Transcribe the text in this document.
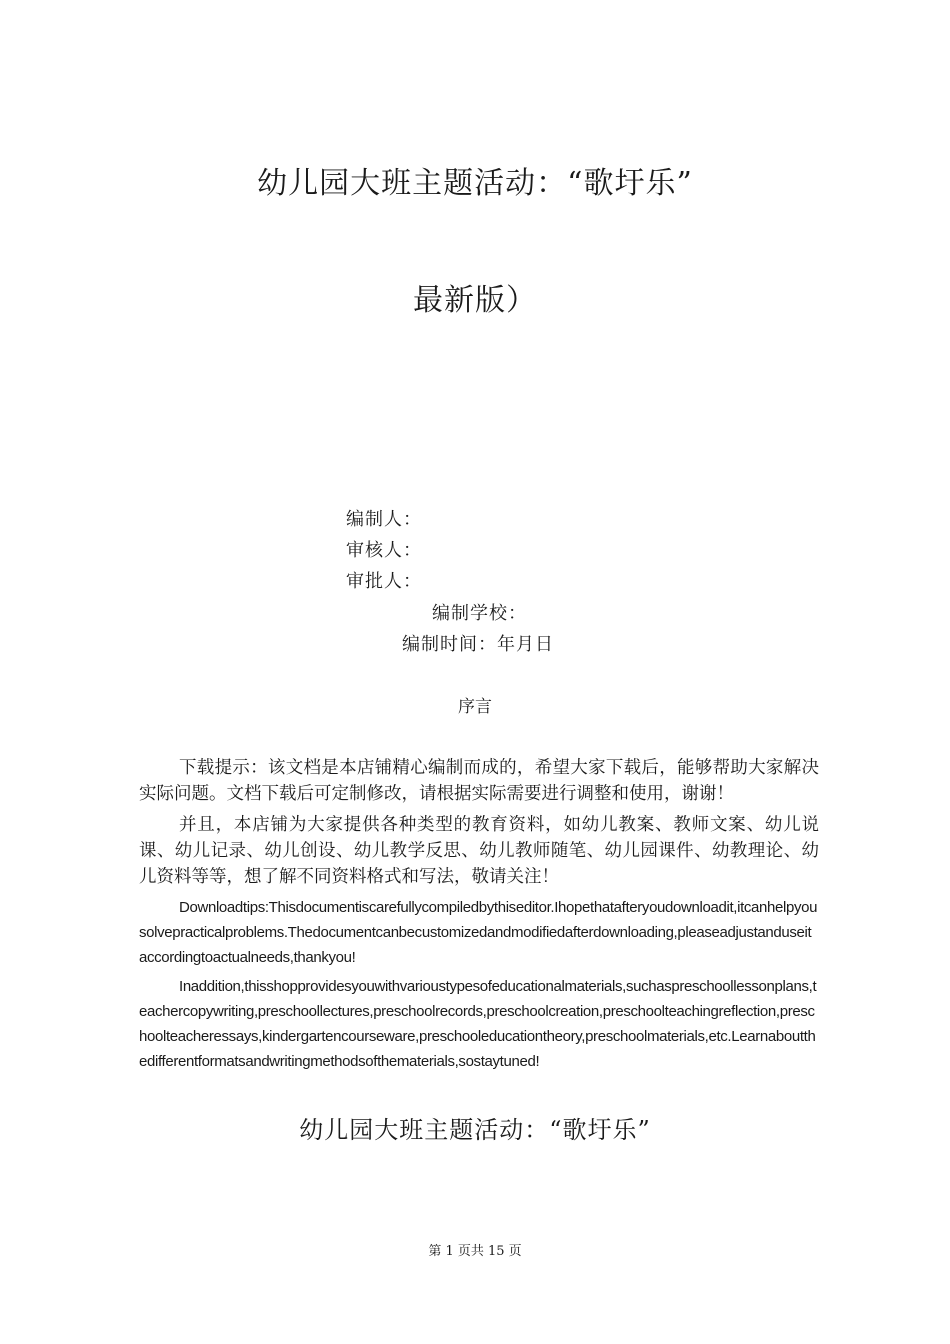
幼儿园大班主题活动：“歌圩乐”
最新版）
编制人：
审核人：
审批人：
编制学校：
编制时间：年月日
序言

下载提示：该文档是本店铺精心编制而成的，希望大家下载后，能够帮助大家解决实际问题。文档下载后可定制修改，请根据实际需要进行调整和使用，谢谢！

并且，本店铺为大家提供各种类型的教育资料，如幼儿教案、教师文案、幼儿说课、幼儿记录、幼儿创设、幼儿教学反思、幼儿教师随笔、幼儿园课件、幼教理论、幼儿资料等等，想了解不同资料格式和写法，敬请关注！

Downloadtips:Thisdocumentiscarefullycompiledbythiseditor.Ihopethatafteryoudownloadit,itcanhelpyousolvepracticalproblems.Thedocumentcanbecustomizedandmodifiedafterdownloading,pleaseadjustanduseitaccordingtoactualneeds,thankyou!

Inaddition,thisshopprovidesyouwithvarioustypesofeducationalmaterials,suchaspreschoollessonplans,teachercopywriting,preschoollectures,preschoolrecords,preschoolcreation,preschoolteachingreflection,preschoolteacheressays,kindergartencourseware,preschooleducationtheory,preschoolmaterials,etc.Learnaboutthedifferentformatsandwritingmethodsofthematerials,sostaytuned!

幼儿园大班主题活动：“歌圩乐”
第 1 页共 15 页
